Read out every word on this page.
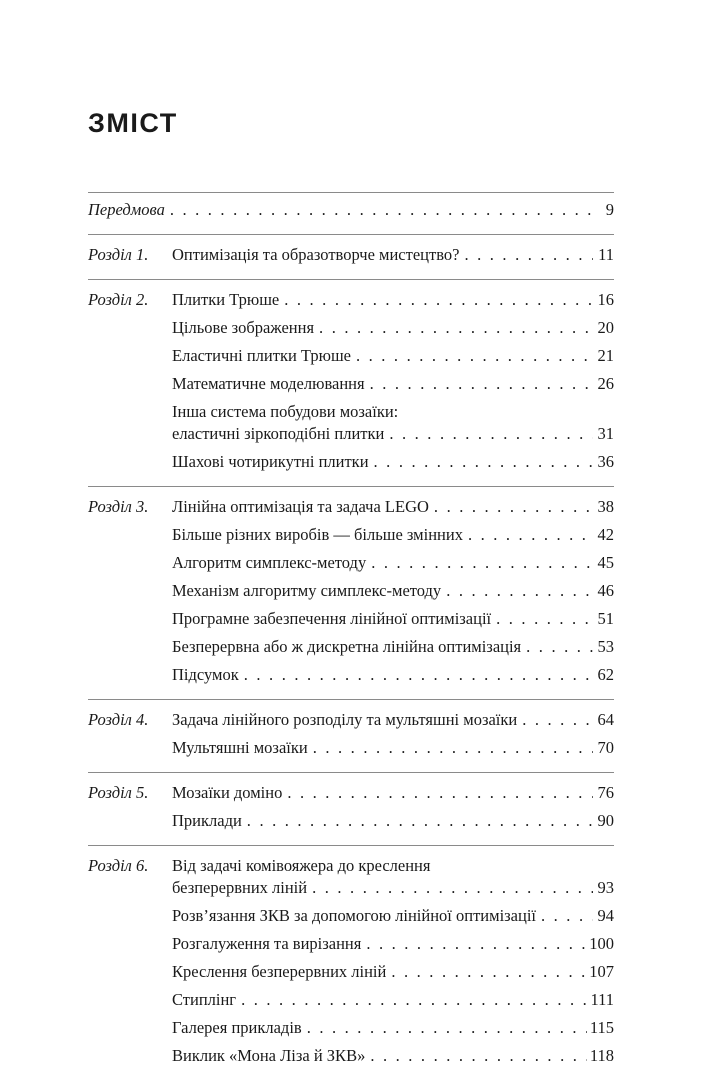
ЗМІСТ
Передмова . . .	9
Розділ 1. Оптимізація та образотворче мистецтво? . . .	11
Розділ 2. Плитки Трюше . . .	16
Цільове зображення . . .	20
Еластичні плитки Трюше . . .	21
Математичне моделювання . . .	26
Інша система побудови мозаїки:
еластичні зіркоподібні плитки . . .	31
Шахові чотирикутні плитки . . .	36
Розділ 3. Лінійна оптимізація та задача LEGO . . .	38
Більше різних виробів — більше змінних . . .	42
Алгоритм симплекс-методу . . .	45
Механізм алгоритму симплекс-методу . . .	46
Програмне забезпечення лінійної оптимізації . . .	51
Безперервна або ж дискретна лінійна оптимізація . . .	53
Підсумок . . .	62
Розділ 4. Задача лінійного розподілу та мультяшні мозаїки . . .	64
Мультяшні мозаїки . . .	70
Розділ 5. Мозаїки доміно . . .	76
Приклади . . .	90
Розділ 6. Від задачі комівояжера до креслення
безперервних ліній . . .	93
Розв’язання ЗКВ за допомогою лінійної оптимізації . . .	94
Розгалуження та вирізання . . .	100
Креслення безперервних ліній . . .	107
Стиплінг . . .	111
Галерея прикладів . . .	115
Виклик «Мона Ліза й ЗКВ» . . .	118
